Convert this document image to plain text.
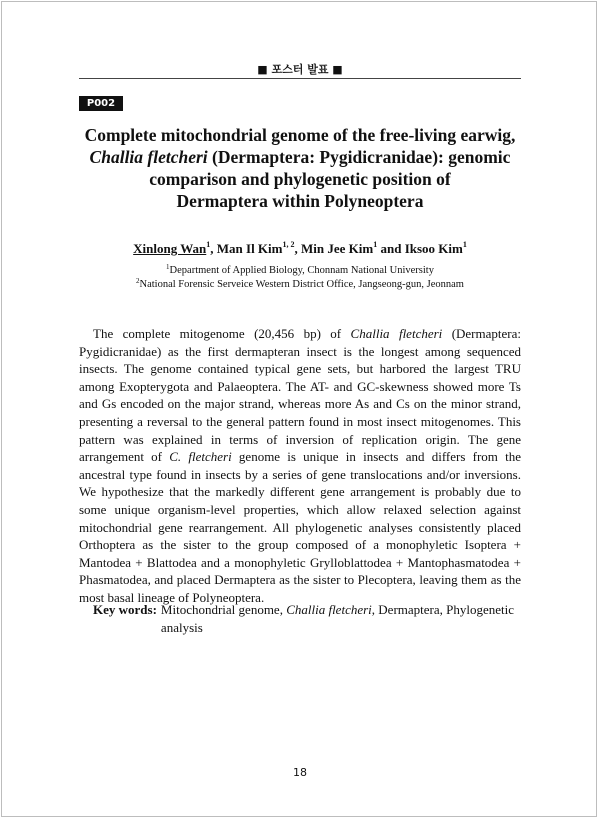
■ 포스터 발표 ■
P002
Complete mitochondrial genome of the free-living earwig,
Challia fletcheri (Dermaptera: Pygidicranidae): genomic
comparison and phylogenetic position of
Dermaptera within Polyneoptera
Xinlong Wan$^1$, Man Il Kim$^{1, 2}$, Min Jee Kim$^1$ and Iksoo Kim$^1$
$^1$Department of Applied Biology, Chonnam National University
$^2$National Forensic Serveice Western District Office, Jangseong-gun, Jeonnam
The complete mitogenome (20,456 bp) of Challia fletcheri (Dermaptera: Pygidicranidae) as the first dermapteran insect is the longest among sequenced insects. The genome contained typical gene sets, but harbored the largest TRU among Exopterygota and Palaeoptera. The AT- and GC-skewness showed more Ts and Gs encoded on the major strand, whereas more As and Cs on the minor strand, presenting a reversal to the general pattern found in most insect mitogenomes. This pattern was explained in terms of inversion of replication origin. The gene arrangement of C. fletcheri genome is unique in insects and differs from the ancestral type found in insects by a series of gene translocations and/or inversions. We hypothesize that the markedly different gene arrangement is probably due to some unique organism-level properties, which allow relaxed selection against mitochondrial gene rearrangement. All phylogenetic analyses consistently placed Orthoptera as the sister to the group composed of a monophyletic Isoptera + Mantodea + Blattodea and a monophyletic Grylloblattodea + Mantophasmatodea + Phasmatodea, and placed Dermaptera as the sister to Plecoptera, leaving them as the most basal lineage of Polyneoptera.
Key words: Mitochondrial genome, Challia fletcheri, Dermaptera, Phylogenetic analysis
18
